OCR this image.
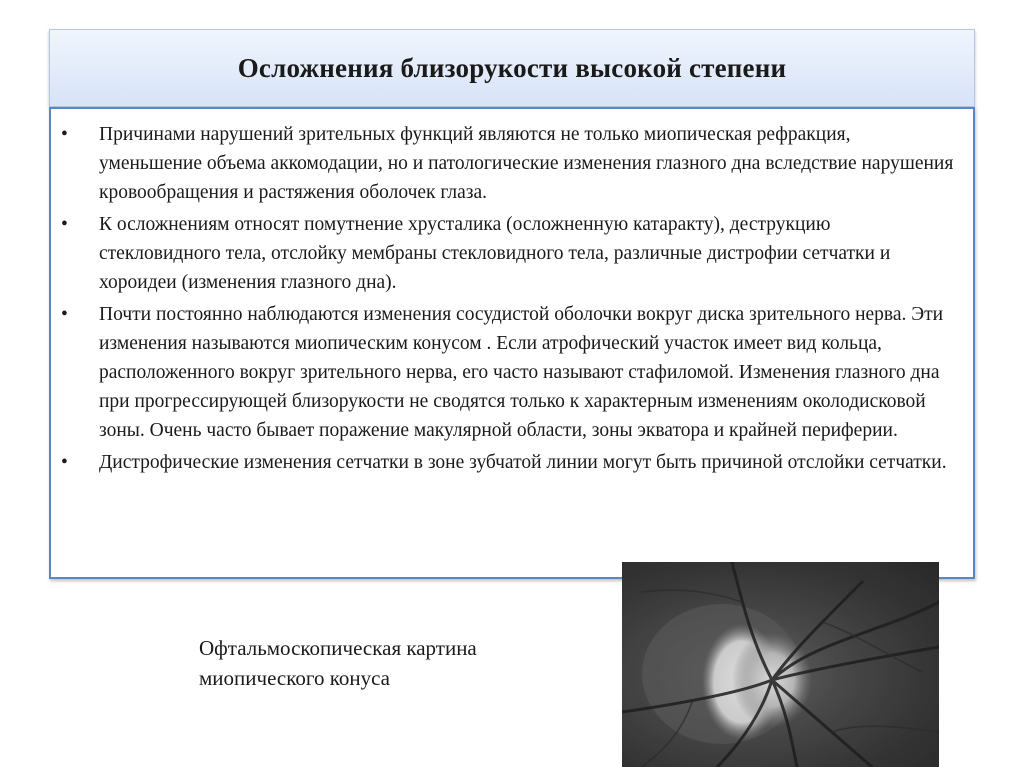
Осложнения близорукости высокой степени
• Причинами нарушений зрительных функций являются не только миопическая рефракция, уменьшение объема аккомодации, но и патологические изменения глазного дна вследствие нарушения кровообращения и растяжения оболочек глаза.
• К осложнениям относят помутнение хрусталика (осложненную катаракту), деструкцию стекловидного тела, отслойку мембраны стекловидного тела, различные дистрофии сетчатки и хороидеи (изменения глазного дна).
• Почти постоянно наблюдаются изменения сосудистой оболочки вокруг диска зрительного нерва. Эти изменения называются миопическим конусом . Если атрофический участок имеет вид кольца, расположенного вокруг зрительного нерва, его часто называют стафиломой. Изменения глазного дна при прогрессирующей близорукости не сводятся только к характерным изменениям околодисковой зоны. Очень часто бывает поражение макулярной области, зоны экватора и крайней периферии.
• Дистрофические изменения сетчатки в зоне зубчатой линии могут быть причиной отслойки сетчатки.
Офтальмоскопическая картина
миопического конуса
